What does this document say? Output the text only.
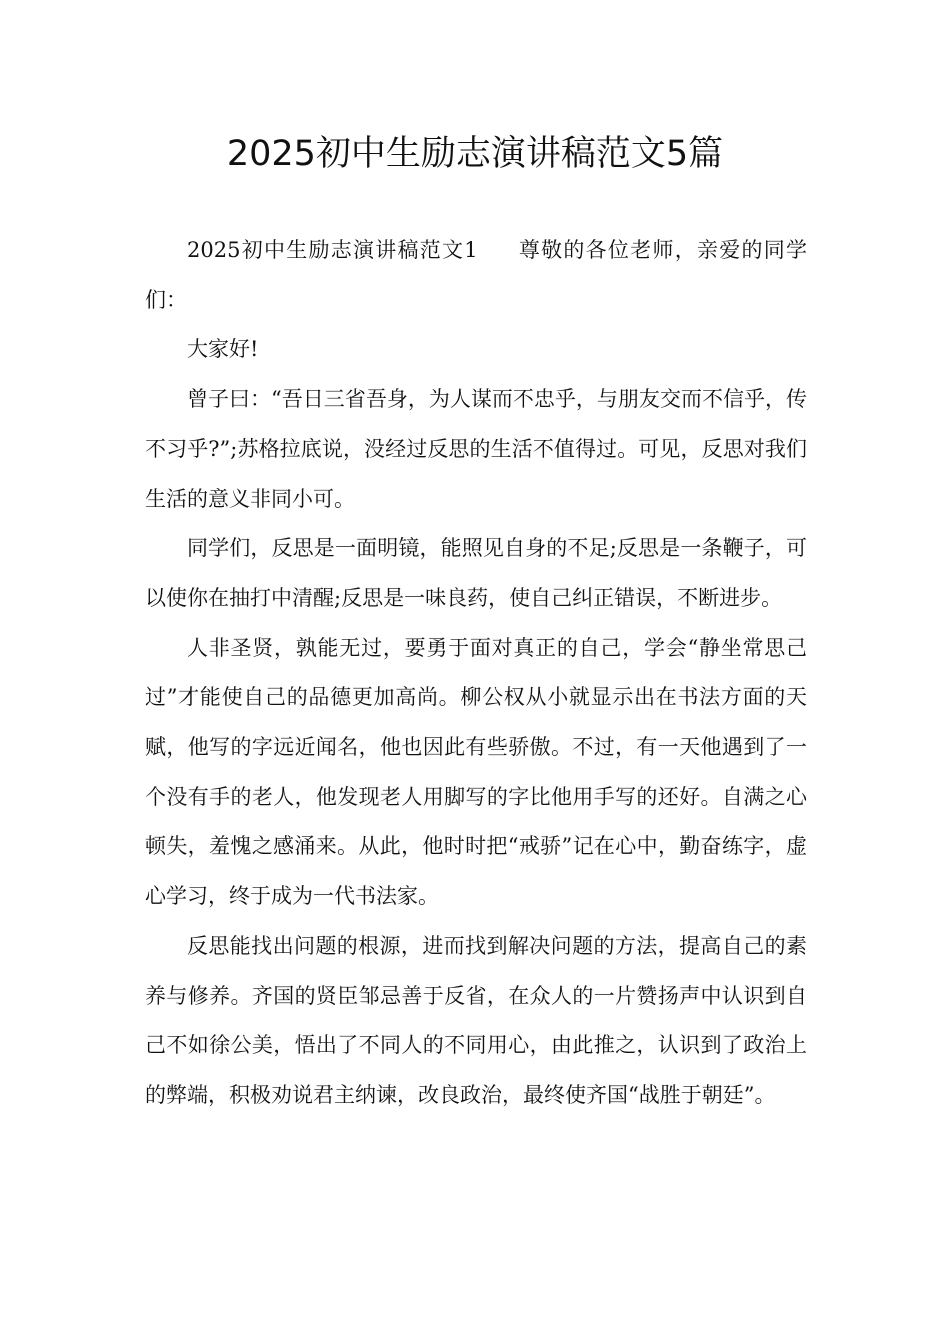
2025初中生励志演讲稿范文5篇

2025初中生励志演讲稿范文1 尊敬的各位老师，亲爱的同学们：

大家好!

曾子曰：“吾日三省吾身，为人谋而不忠乎，与朋友交而不信乎，传不习乎?”;苏格拉底说，没经过反思的生活不值得过。可见，反思对我们生活的意义非同小可。

同学们，反思是一面明镜，能照见自身的不足;反思是一条鞭子，可以使你在抽打中清醒;反思是一味良药，使自己纠正错误，不断进步。

人非圣贤，孰能无过，要勇于面对真正的自己，学会“静坐常思己过”才能使自己的品德更加高尚。柳公权从小就显示出在书法方面的天赋，他写的字远近闻名，他也因此有些骄傲。不过，有一天他遇到了一个没有手的老人，他发现老人用脚写的字比他用手写的还好。自满之心顿失，羞愧之感涌来。从此，他时时把“戒骄”记在心中，勤奋练字，虚心学习，终于成为一代书法家。

反思能找出问题的根源，进而找到解决问题的方法，提高自己的素养与修养。齐国的贤臣邹忌善于反省，在众人的一片赞扬声中认识到自己不如徐公美，悟出了不同人的不同用心，由此推之，认识到了政治上的弊端，积极劝说君主纳谏，改良政治，最终使齐国“战胜于朝廷”。
